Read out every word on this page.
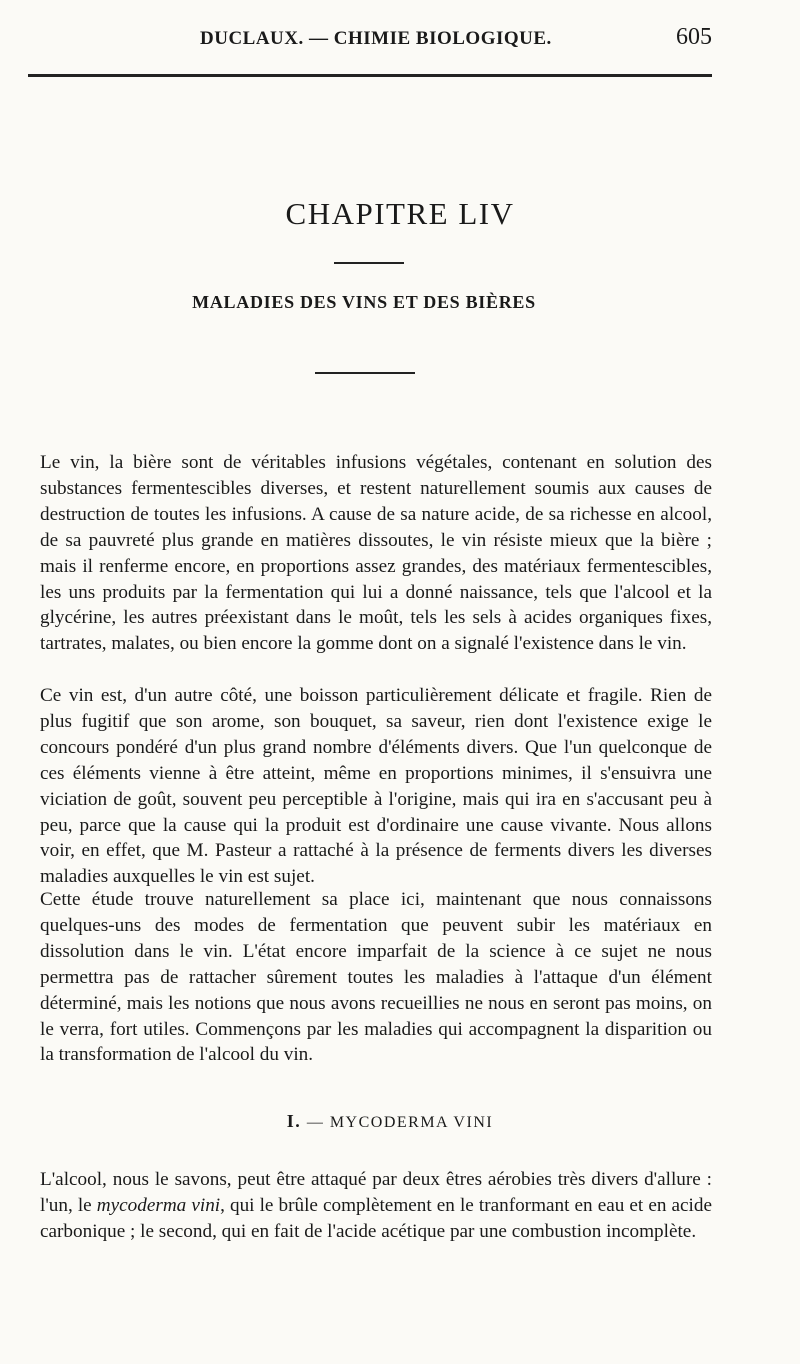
DUCLAUX. — CHIMIE BIOLOGIQUE.	605
CHAPITRE LIV
MALADIES DES VINS ET DES BIÈRES

Le vin, la bière sont de véritables infusions végétales, contenant en solution des substances fermentescibles diverses, et restent naturellement soumis aux causes de destruction de toutes les infusions. A cause de sa nature acide, de sa richesse en alcool, de sa pauvreté plus grande en matières dissoutes, le vin résiste mieux que la bière ; mais il renferme encore, en proportions assez grandes, des matériaux fermentescibles, les uns produits par la fermentation qui lui a donné naissance, tels que l'alcool et la glycérine, les autres préexistant dans le moût, tels les sels à acides organiques fixes, tartrates, malates, ou bien encore la gomme dont on a signalé l'existence dans le vin.

Ce vin est, d'un autre côté, une boisson particulièrement délicate et fragile. Rien de plus fugitif que son arome, son bouquet, sa saveur, rien dont l'existence exige le concours pondéré d'un plus grand nombre d'éléments divers. Que l'un quelconque de ces éléments vienne à être atteint, même en proportions minimes, il s'ensuivra une viciation de goût, souvent peu perceptible à l'origine, mais qui ira en s'accusant peu à peu, parce que la cause qui la produit est d'ordinaire une cause vivante. Nous allons voir, en effet, que M. Pasteur a rattaché à la présence de ferments divers les diverses maladies auxquelles le vin est sujet.

Cette étude trouve naturellement sa place ici, maintenant que nous connaissons quelques-uns des modes de fermentation que peuvent subir les matériaux en dissolution dans le vin. L'état encore imparfait de la science à ce sujet ne nous permettra pas de rattacher sûrement toutes les maladies à l'attaque d'un élément déterminé, mais les notions que nous avons recueillies ne nous en seront pas moins, on le verra, fort utiles. Commençons par les maladies qui accompagnent la disparition ou la transformation de l'alcool du vin.

I. — MYCODERMA VINI

L'alcool, nous le savons, peut être attaqué par deux êtres aérobies très divers d'allure : l'un, le mycoderma vini, qui le brûle complètement en le tranformant en eau et en acide carbonique ; le second, qui en fait de l'acide acétique par une combustion incomplète.
